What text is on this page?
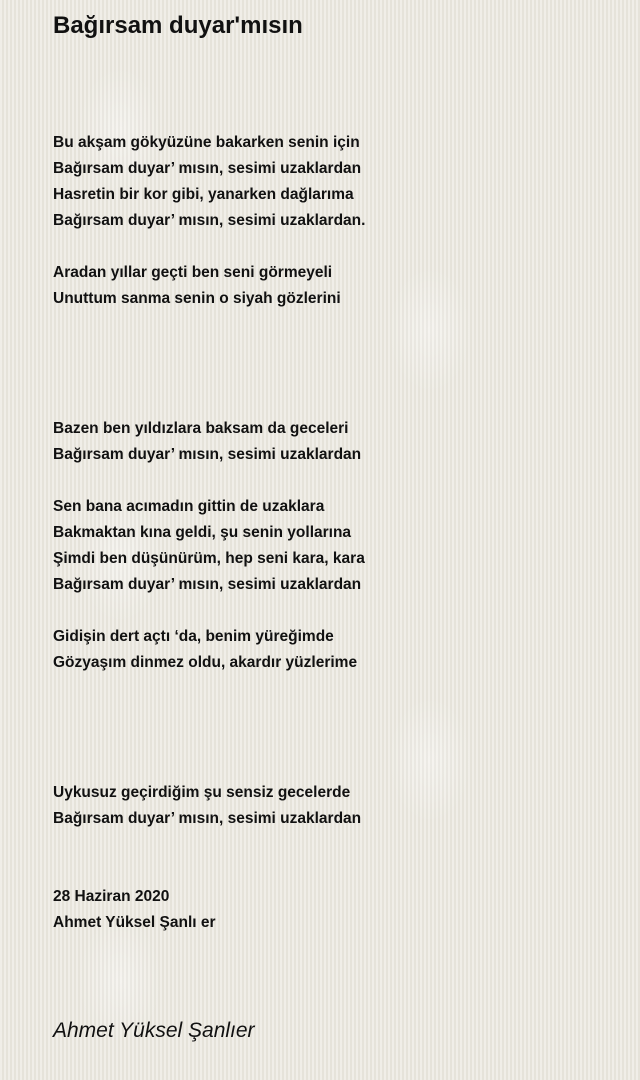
Bağırsam duyar'mısın
Bu akşam gökyüzüne bakarken senin için
Bağırsam duyar’ mısın, sesimi uzaklardan
Hasretin bir kor gibi, yanarken dağlarıma
Bağırsam duyar’ mısın, sesimi uzaklardan.
Aradan yıllar geçti ben seni görmeyeli
Unuttum sanma senin o siyah gözlerini
Bazen ben yıldızlara baksam da geceleri
Bağırsam duyar’ mısın, sesimi uzaklardan
Sen bana acımadın gittin de uzaklara
Bakmaktan kına geldi, şu senin yollarına
Şimdi ben düşünürüm, hep seni kara, kara
Bağırsam duyar’ mısın, sesimi uzaklardan
Gidişin dert açtı ‘da, benim yüreğimde
Gözyaşım dinmez oldu, akardır yüzlerime
Uykusuz geçirdiğim şu sensiz gecelerde
Bağırsam duyar’ mısın, sesimi uzaklardan
28 Haziran 2020
Ahmet Yüksel Şanlı er
Ahmet Yüksel Şanlıer
